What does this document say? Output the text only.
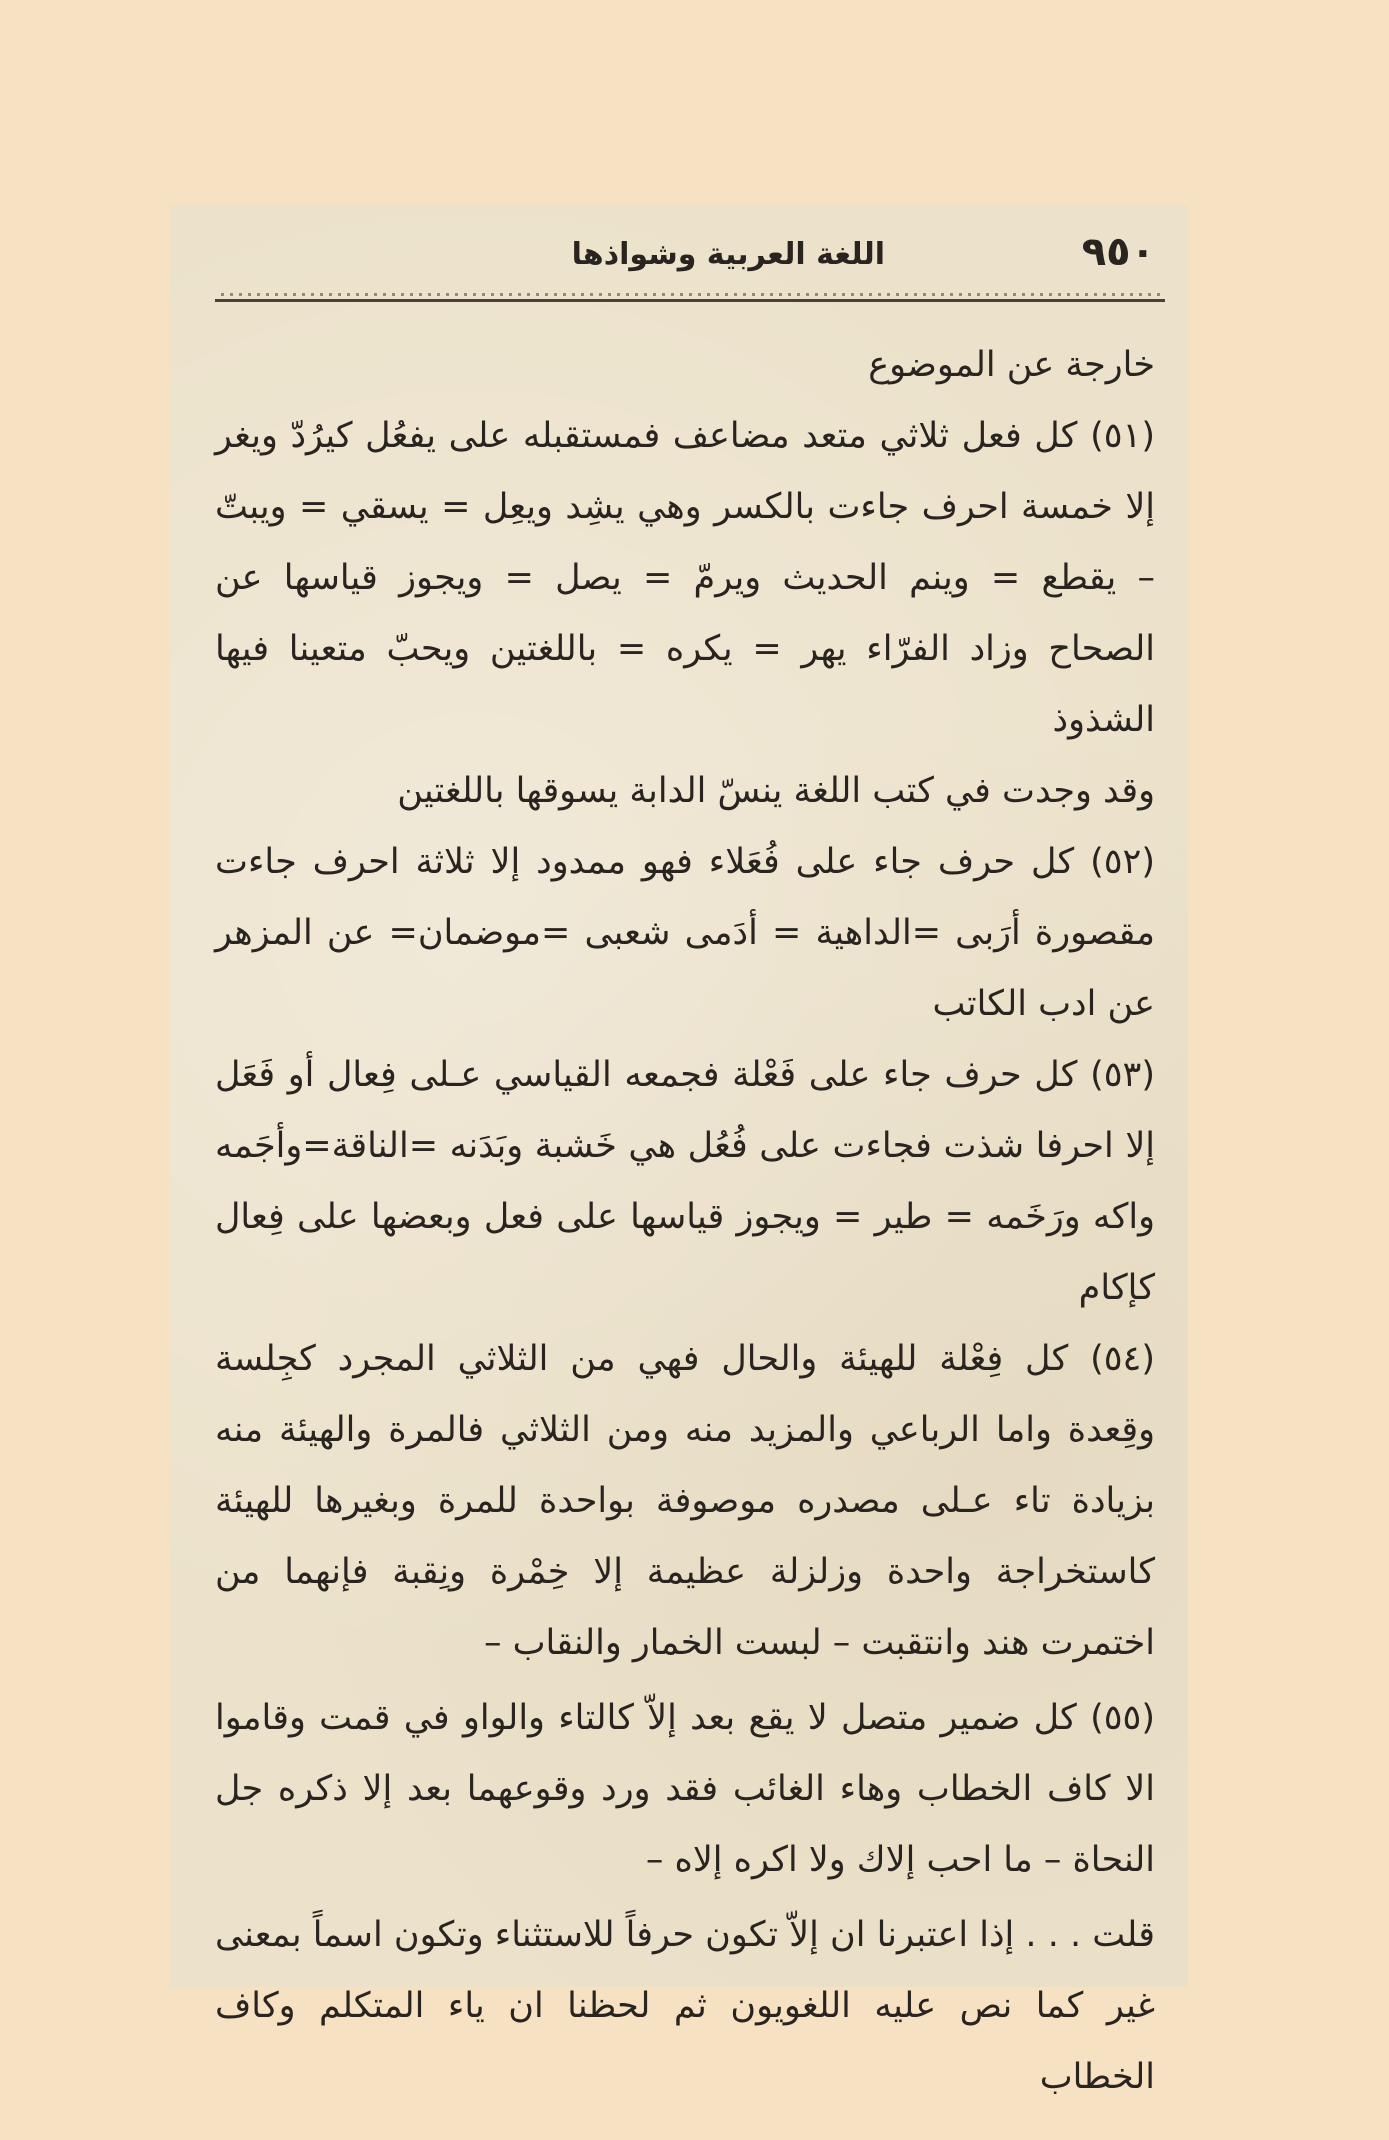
٩٥٠
اللغة العربية وشواذها

خارجة عن الموضوع

(٥١) كل فعل ثلاثي متعد مضاعف فمستقبله على يفعُل كيرُدّ ويغر إلا خمسة احرف جاءت بالكسر وهي يشِد ويعِل = يسقي = ويبتّ – يقطع = وينم الحديث ويرمّ = يصل = ويجوز قياسها عن الصحاح وزاد الفرّاء يهر = يكره = باللغتين ويحبّ متعينا فيها الشذوذ

وقد وجدت في كتب اللغة ينسّ الدابة يسوقها باللغتين

(٥٢) كل حرف جاء على فُعَلاء فهو ممدود إلا ثلاثة احرف جاءت مقصورة أرَبى =الداهية = أدَمى شعبى =موضمان= عن المزهر عن ادب الكاتب

(٥٣) كل حرف جاء على فَعْلة فجمعه القياسي عـلى فِعال أو فَعَل إلا احرفا شذت فجاءت على فُعُل هي خَشبة وبَدَنه =الناقة=وأجَمه واكه ورَخَمه = طير = ويجوز قياسها على فعل وبعضها على فِعال كإكام

(٥٤) كل فِعْلة للهيئة والحال فهي من الثلاثي المجرد كجِلسة وقِعدة واما الرباعي والمزيد منه ومن الثلاثي فالمرة والهيئة منه بزيادة تاء عـلى مصدره موصوفة بواحدة للمرة وبغيرها للهيئة كاستخراجة واحدة وزلزلة عظيمة إلا خِمْرة ونِقبة فإنهما من اختمرت هند وانتقبت – لبست الخمار والنقاب –

(٥٥) كل ضمير متصل لا يقع بعد إلاّ كالتاء والواو في قمت وقاموا الا كاف الخطاب وهاء الغائب فقد ورد وقوعهما بعد إلا ذكره جل النحاة – ما احب إلاك ولا اكره إلاه –

قلت . . . إذا اعتبرنا ان إلاّ تكون حرفاً للاستثناء وتكون اسماً بمعنى غير كما نص عليه اللغويون ثم لحظنا ان ياء المتكلم وكاف الخطاب
